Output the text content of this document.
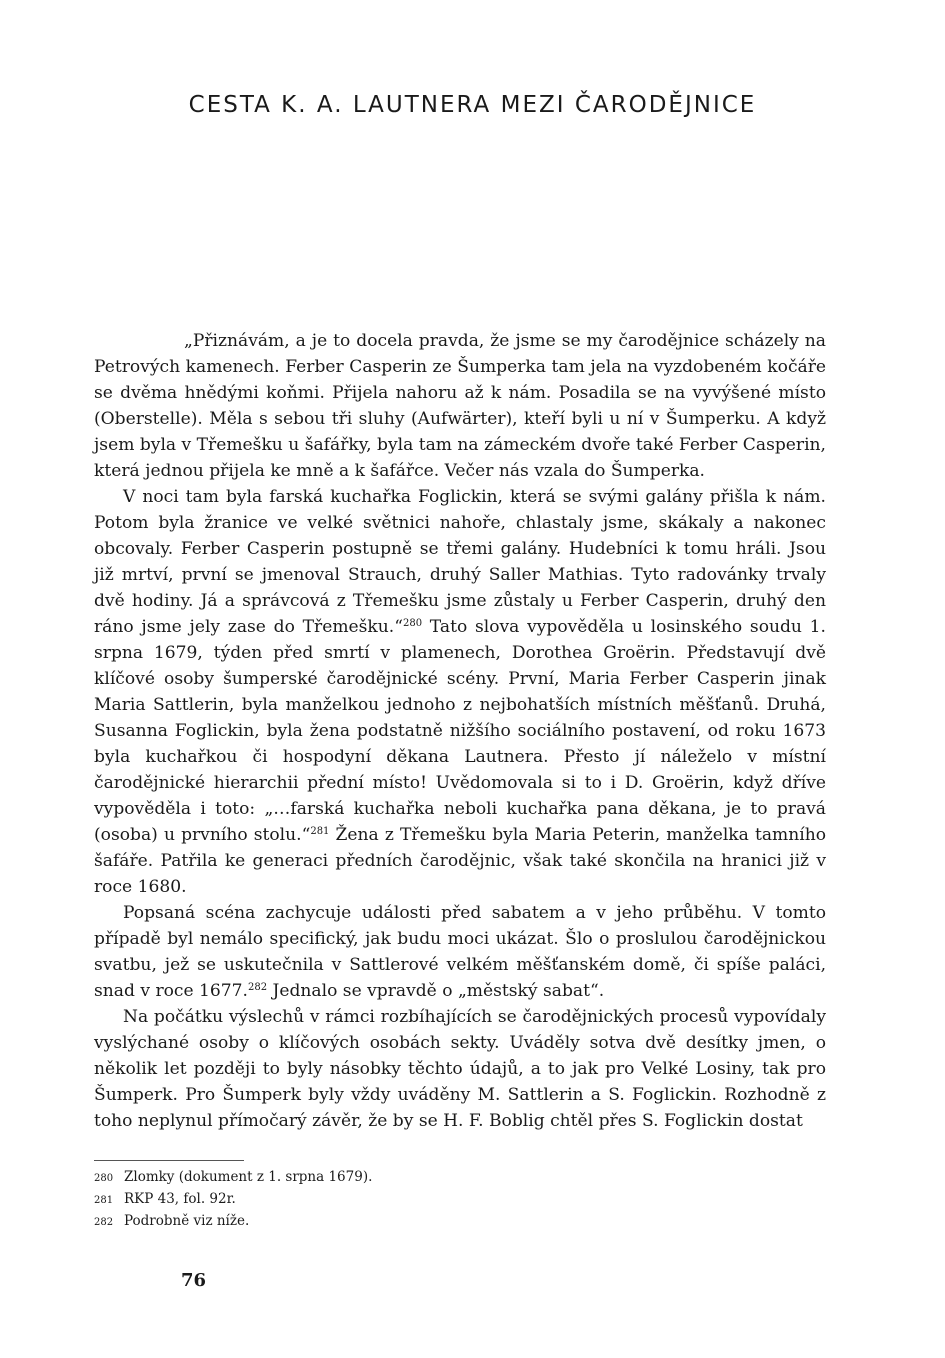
CESTA K. A. LAUTNERA MEZI ČARODĚJNICE

„Přiznávám, a je to docela pravda, že jsme se my čarodějnice scházely na Petrových kamenech. Ferber Casperin ze Šumperka tam jela na vyzdobeném kočáře se dvěma hnědými koňmi. Přijela nahoru až k nám. Posadila se na vyvýšené místo (Oberstelle). Měla s sebou tři sluhy (Aufwärter), kteří byli u ní v Šumperku. A když jsem byla v Třemešku u šafářky, byla tam na zámeckém dvoře také Ferber Casperin, která jednou přijela ke mně a k šafářce. Večer nás vzala do Šumperka.

V noci tam byla farská kuchařka Foglickin, která se svými galány přišla k nám. Potom byla žranice ve velké světnici nahoře, chlastaly jsme, skákaly a nakonec obcovaly. Ferber Casperin postupně se třemi galány. Hudebníci k tomu hráli. Jsou již mrtví, první se jmenoval Strauch, druhý Saller Mathias. Tyto radovánky trvaly dvě hodiny. Já a správcová z Třemešku jsme zůstaly u Ferber Casperin, druhý den ráno jsme jely zase do Třemešku.“$^{280}$ Tato slova vypověděla u losinského soudu 1. srpna 1679, týden před smrtí v plamenech, Dorothea Groërin. Představují dvě klíčové osoby šumperské čarodějnické scény. První, Maria Ferber Casperin jinak Maria Sattlerin, byla manželkou jednoho z nejbohatších místních měšťanů. Druhá, Susanna Foglickin, byla žena podstatně nižšího sociálního postavení, od roku 1673 byla kuchařkou či hospodyní děkana Lautnera. Přesto jí náleželo v místní čarodějnické hierarchii přední místo! Uvědomovala si to i D. Groërin, když dříve vypověděla i toto: „…farská kuchařka neboli kuchařka pana děkana, je to pravá (osoba) u prvního stolu.“$^{281}$ Žena z Třemešku byla Maria Peterin, manželka tamního šafáře. Patřila ke generaci předních čarodějnic, však také skončila na hranici již v roce 1680.

Popsaná scéna zachycuje události před sabatem a v jeho průběhu. V tomto případě byl nemálo specifický, jak budu moci ukázat. Šlo o proslulou čarodějnickou svatbu, jež se uskutečnila v Sattlerové velkém měšťanském domě, či spíše paláci, snad v roce 1677.$^{282}$ Jednalo se vpravdě o „městský sabat“.

Na počátku výslechů v rámci rozbíhajících se čarodějnických procesů vypovídaly vyslýchané osoby o klíčových osobách sekty. Uváděly sotva dvě desítky jmen, o několik let později to byly násobky těchto údajů, a to jak pro Velké Losiny, tak pro Šumperk. Pro Šumperk byly vždy uváděny M. Sattlerin a S. Foglickin. Rozhodně z toho neplynul přímočarý závěr, že by se H. F. Boblig chtěl přes S. Foglickin dostat

280 Zlomky (dokument z 1. srpna 1679).
281 RKP 43, fol. 92r.
282 Podrobně viz níže.
76
